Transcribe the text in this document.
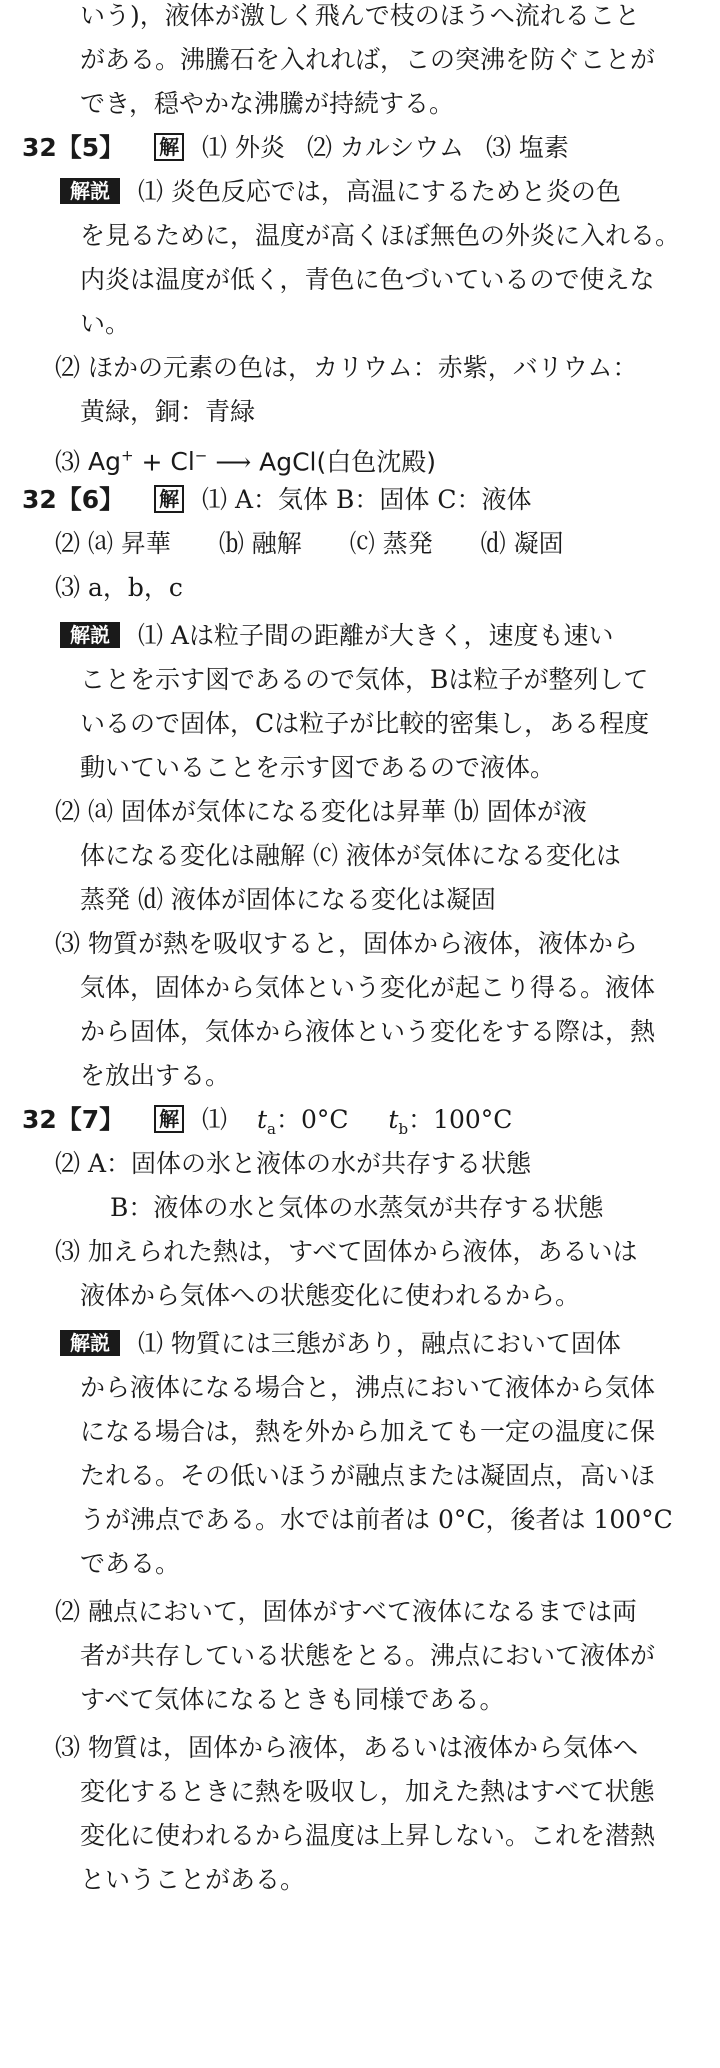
いう)，液体が激しく飛んで枝のほうへ流れること
がある。沸騰石を入れれば，この突沸を防ぐことが
でき，穏やかな沸騰が持続する。
32【5】 解 ⑴ 外炎 ⑵ カルシウム ⑶ 塩素
解説 ⑴ 炎色反応では，高温にするためと炎の色
を見るために，温度が高くほぼ無色の外炎に入れる。
内炎は温度が低く，青色に色づいているので使えな
い。
⑵ ほかの元素の色は，カリウム：赤紫，バリウム：
黄緑，銅：青緑
⑶ Ag+ + Cl− ⟶ AgCl(白色沈殿)
32【6】 解 ⑴ A：気体 B：固体 C：液体
⑵ ⒜ 昇華 ⒝ 融解 ⒞ 蒸発 ⒟ 凝固
⑶ a，b，c
解説 ⑴ Aは粒子間の距離が大きく，速度も速い
ことを示す図であるので気体，Bは粒子が整列して
いるので固体，Cは粒子が比較的密集し，ある程度
動いていることを示す図であるので液体。
⑵ ⒜ 固体が気体になる変化は昇華 ⒝ 固体が液
体になる変化は融解 ⒞ 液体が気体になる変化は
蒸発 ⒟ 液体が固体になる変化は凝固
⑶ 物質が熱を吸収すると，固体から液体，液体から
気体，固体から気体という変化が起こり得る。液体
から固体，気体から液体という変化をする際は，熱
を放出する。
32【7】 解 ⑴ $t_a$：0°C $t_b$：100°C
⑵ A：固体の氷と液体の水が共存する状態
B：液体の水と気体の水蒸気が共存する状態
⑶ 加えられた熱は，すべて固体から液体，あるいは
液体から気体への状態変化に使われるから。
解説 ⑴ 物質には三態があり，融点において固体
から液体になる場合と，沸点において液体から気体
になる場合は，熱を外から加えても一定の温度に保
たれる。その低いほうが融点または凝固点，高いほ
うが沸点である。水では前者は 0°C，後者は 100°C
である。
⑵ 融点において，固体がすべて液体になるまでは両
者が共存している状態をとる。沸点において液体が
すべて気体になるときも同様である。
⑶ 物質は，固体から液体，あるいは液体から気体へ
変化するときに熱を吸収し，加えた熱はすべて状態
変化に使われるから温度は上昇しない。これを潜熱
ということがある。
